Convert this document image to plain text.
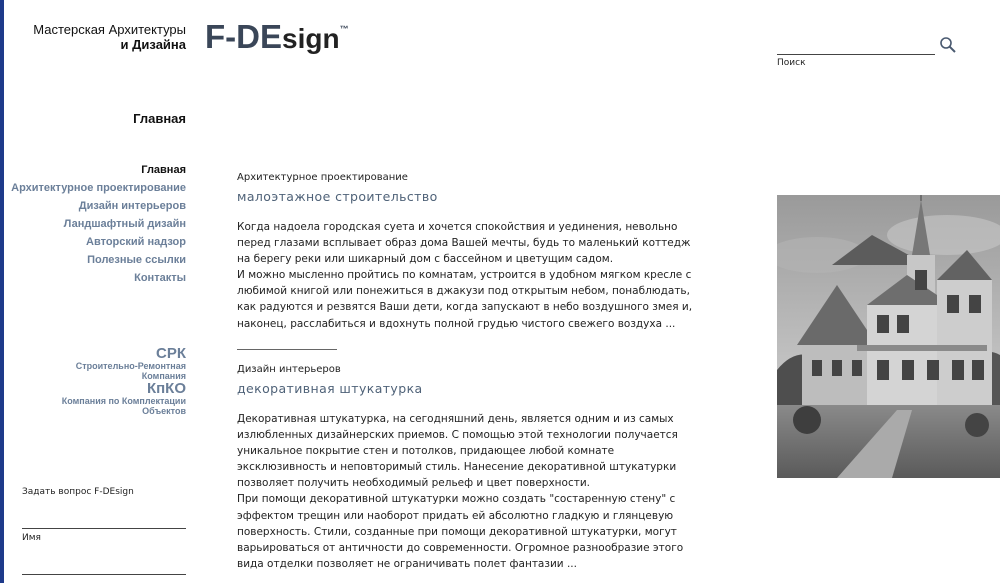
Мастерская Архитектуры
и Дизайна F-DEsign™
Поиск
Главная
Главная
Архитектурное проектирование
Дизайн интерьеров
Ландшафтный дизайн
Авторский надзор
Полезные ссылки
Контакты
СРК
Строительно-Ремонтная
Компания
КпКО
Компания по Комплектации
Объектов
Задать вопрос F-DEsign
Имя
Архитектурное проектирование
малоэтажное строительство
Когда надоела городская суета и хочется спокойствия и уединения, невольно
перед глазами всплывает образ дома Вашей мечты, будь то маленький коттедж
на берегу реки или шикарный дом с бассейном и цветущим садом.
И можно мысленно пройтись по комнатам, устроится в удобном мягком кресле с
любимой книгой или понежиться в джакузи под открытым небом, понаблюдать,
как радуются и резвятся Ваши дети, когда запускают в небо воздушного змея и,
наконец, расслабиться и вдохнуть полной грудью чистого свежего воздуха ...
Дизайн интерьеров
декоративная штукатурка
Декоративная штукатурка, на сегодняшний день, является одним и из самых
излюбленных дизайнерских приемов. С помощью этой технологии получается
уникальное покрытие стен и потолков, придающее любой комнате
эксклюзивность и неповторимый стиль. Нанесение декоративной штукатурки
позволяет получить необходимый рельеф и цвет поверхности.
При помощи декоративной штукатурки можно создать "состаренную стену" с
эффектом трещин или наоборот придать ей абсолютно гладкую и глянцевую
поверхность. Стили, созданные при помощи декоративной штукатурки, могут
варьироваться от античности до современности. Огромное разнообразие этого
вида отделки позволяет не ограничивать полет фантазии ...
